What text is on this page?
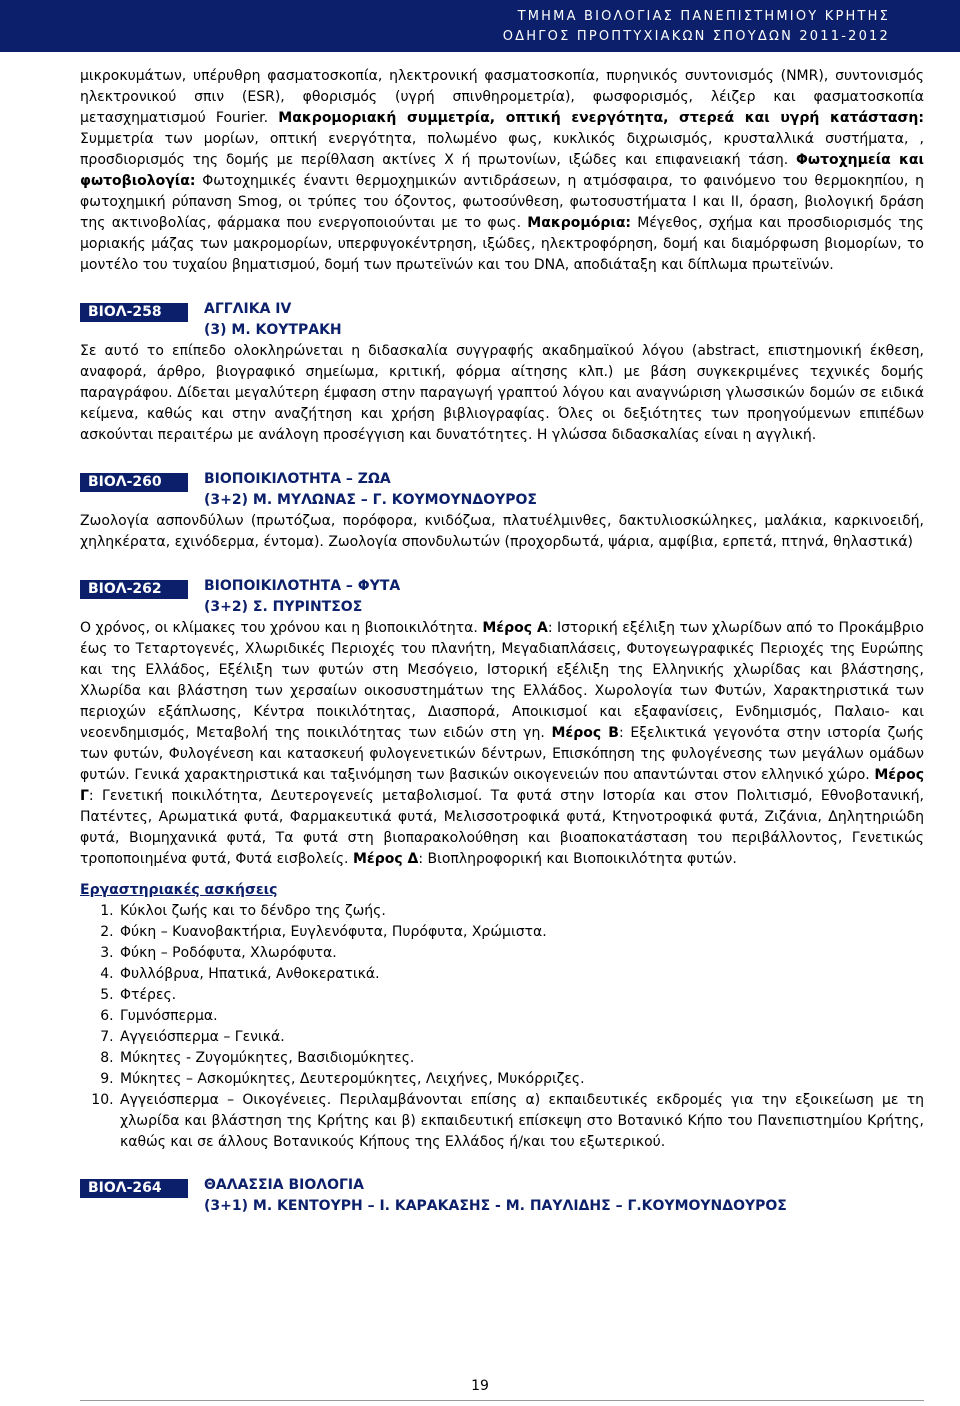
ΤΜΗΜΑ ΒΙΟΛΟΓΙΑΣ ΠΑΝΕΠΙΣΤΗΜΙΟΥ ΚΡΗΤΗΣ
ΟΔΗΓΟΣ ΠΡΟΠΤΥΧΙΑΚΩΝ ΣΠΟΥΔΩΝ 2011-2012

μικροκυμάτων, υπέρυθρη φασματοσκοπία, ηλεκτρονική φασματοσκοπία, πυρηνικός συντονισμός (NMR), συντονισμός ηλεκτρονικού σπιν (ESR), φθορισμός (υγρή σπινθηρομετρία), φωσφορισμός, λέιζερ και φασματοσκοπία μετασχηματισμού Fourier. Μακρομοριακή συμμετρία, οπτική ενεργότητα, στερεά και υγρή κατάσταση: Συμμετρία των μορίων, οπτική ενεργότητα, πολωμένο φως, κυκλικός διχρωισμός, κρυσταλλικά συστήματα, , προσδιορισμός της δομής με περίθλαση ακτίνες Χ ή πρωτονίων, ιξώδες και επιφανειακή τάση. Φωτοχημεία και φωτοβιολογία: Φωτοχημικές έναντι θερμοχημικών αντιδράσεων, η ατμόσφαιρα, το φαινόμενο του θερμοκηπίου, η φωτοχημική ρύπανση Smog, οι τρύπες του όζοντος, φωτοσύνθεση, φωτοσυστήματα I και II, όραση, βιολογική δράση της ακτινοβολίας, φάρμακα που ενεργοποιούνται με το φως. Μακρομόρια: Μέγεθος, σχήμα και προσδιορισμός της μοριακής μάζας των μακρομορίων, υπερφυγοκέντρηση, ιξώδες, ηλεκτροφόρηση, δομή και διαμόρφωση βιομορίων, το μοντέλο του τυχαίου βηματισμού, δομή των πρωτεϊνών και του DNA, αποδιάταξη και δίπλωμα πρωτεϊνών.

ΒΙΟΛ-258	ΑΓΓΛΙΚΑ IV
(3) Μ. ΚΟΥΤΡΑΚΗ

Σε αυτό το επίπεδο ολοκληρώνεται η διδασκαλία συγγραφής ακαδημαϊκού λόγου (abstract, επιστημονική έκθεση, αναφορά, άρθρο, βιογραφικό σημείωμα, κριτική, φόρμα αίτησης κλπ.) με βάση συγκεκριμένες τεχνικές δομής παραγράφου. Δίδεται μεγαλύτερη έμφαση στην παραγωγή γραπτού λόγου και αναγνώριση γλωσσικών δομών σε ειδικά κείμενα, καθώς και στην αναζήτηση και χρήση βιβλιογραφίας. Όλες οι δεξιότητες των προηγούμενων επιπέδων ασκούνται περαιτέρω με ανάλογη προσέγγιση και δυνατότητες. Η γλώσσα διδασκαλίας είναι η αγγλική.

ΒΙΟΛ-260	ΒΙΟΠΟΙΚΙΛΟΤΗΤΑ – ΖΩΑ
(3+2) Μ. ΜΥΛΩΝΑΣ – Γ. ΚΟΥΜΟΥΝΔΟΥΡΟΣ

Ζωολογία ασπονδύλων (πρωτόζωα, πορόφορα, κνιδόζωα, πλατυέλμινθες, δακτυλιοσκώληκες, μαλάκια, καρκινοειδή, χηληκέρατα, εχινόδερμα, έντομα). Ζωολογία σπονδυλωτών (προχορδωτά, ψάρια, αμφίβια, ερπετά, πτηνά, θηλαστικά)

ΒΙΟΛ-262	ΒΙΟΠΟΙΚΙΛΟΤΗΤΑ – ΦΥΤΑ
(3+2) Σ. ΠΥΡΙΝΤΣΟΣ

Ο χρόνος, οι κλίμακες του χρόνου και η βιοποικιλότητα. Μέρος Α: Ιστορική εξέλιξη των χλωρίδων από το Προκάμβριο έως το Τεταρτογενές, Χλωριδικές Περιοχές του πλανήτη, Μεγαδιαπλάσεις, Φυτογεωγραφικές Περιοχές της Ευρώπης και της Ελλάδος, Εξέλιξη των φυτών στη Μεσόγειο, Ιστορική εξέλιξη της Ελληνικής χλωρίδας και βλάστησης, Χλωρίδα και βλάστηση των χερσαίων οικοσυστημάτων της Ελλάδος. Χωρολογία των Φυτών, Χαρακτηριστικά των περιοχών εξάπλωσης, Κέντρα ποικιλότητας, Διασπορά, Αποικισμοί και εξαφανίσεις, Ενδημισμός, Παλαιο- και νεοενδημισμός, Μεταβολή της ποικιλότητας των ειδών στη γη. Μέρος Β: Εξελικτικά γεγονότα στην ιστορία ζωής των φυτών, Φυλογένεση και κατασκευή φυλογενετικών δέντρων, Επισκόπηση της φυλογένεσης των μεγάλων ομάδων φυτών. Γενικά χαρακτηριστικά και ταξινόμηση των βασικών οικογενειών που απαντώνται στον ελληνικό χώρο. Μέρος Γ: Γενετική ποικιλότητα, Δευτερογενείς μεταβολισμοί. Τα φυτά στην Ιστορία και στον Πολιτισμό, Εθνοβοτανική, Πατέντες, Αρωματικά φυτά, Φαρμακευτικά φυτά, Μελισσοτροφικά φυτά, Κτηνοτροφικά φυτά, Ζιζάνια, Δηλητηριώδη φυτά, Βιομηχανικά φυτά, Τα φυτά στη βιοπαρακολούθηση και βιοαποκατάσταση του περιβάλλοντος, Γενετικώς τροποποιημένα φυτά, Φυτά εισβολείς. Μέρος Δ: Βιοπληροφορική και Βιοποικιλότητα φυτών.

Εργαστηριακές ασκήσεις
1. Κύκλοι ζωής και το δένδρο της ζωής.
2. Φύκη – Κυανοβακτήρια, Ευγλενόφυτα, Πυρόφυτα, Χρώμιστα.
3. Φύκη – Ροδόφυτα, Χλωρόφυτα.
4. Φυλλόβρυα, Ηπατικά, Ανθοκερατικά.
5. Φτέρες.
6. Γυμνόσπερμα.
7. Αγγειόσπερμα – Γενικά.
8. Μύκητες - Ζυγομύκητες, Βασιδιομύκητες.
9. Μύκητες – Ασκομύκητες, Δευτερομύκητες, Λειχήνες, Μυκόρριζες.
10. Αγγειόσπερμα – Οικογένειες. Περιλαμβάνονται επίσης α) εκπαιδευτικές εκδρομές για την εξοικείωση με τη χλωρίδα και βλάστηση της Κρήτης και β) εκπαιδευτική επίσκεψη στο Βοτανικό Κήπο του Πανεπιστημίου Κρήτης, καθώς και σε άλλους Βοτανικούς Κήπους της Ελλάδος ή/και του εξωτερικού.
ΒΙΟΛ-264	ΘΑΛΑΣΣΙΑ ΒΙΟΛΟΓΙΑ
(3+1) Μ. ΚΕΝΤΟΥΡΗ – Ι. ΚΑΡΑΚΑΣΗΣ - Μ. ΠΑΥΛΙΔΗΣ – Γ.ΚΟΥΜΟΥΝΔΟΥΡΟΣ
19
